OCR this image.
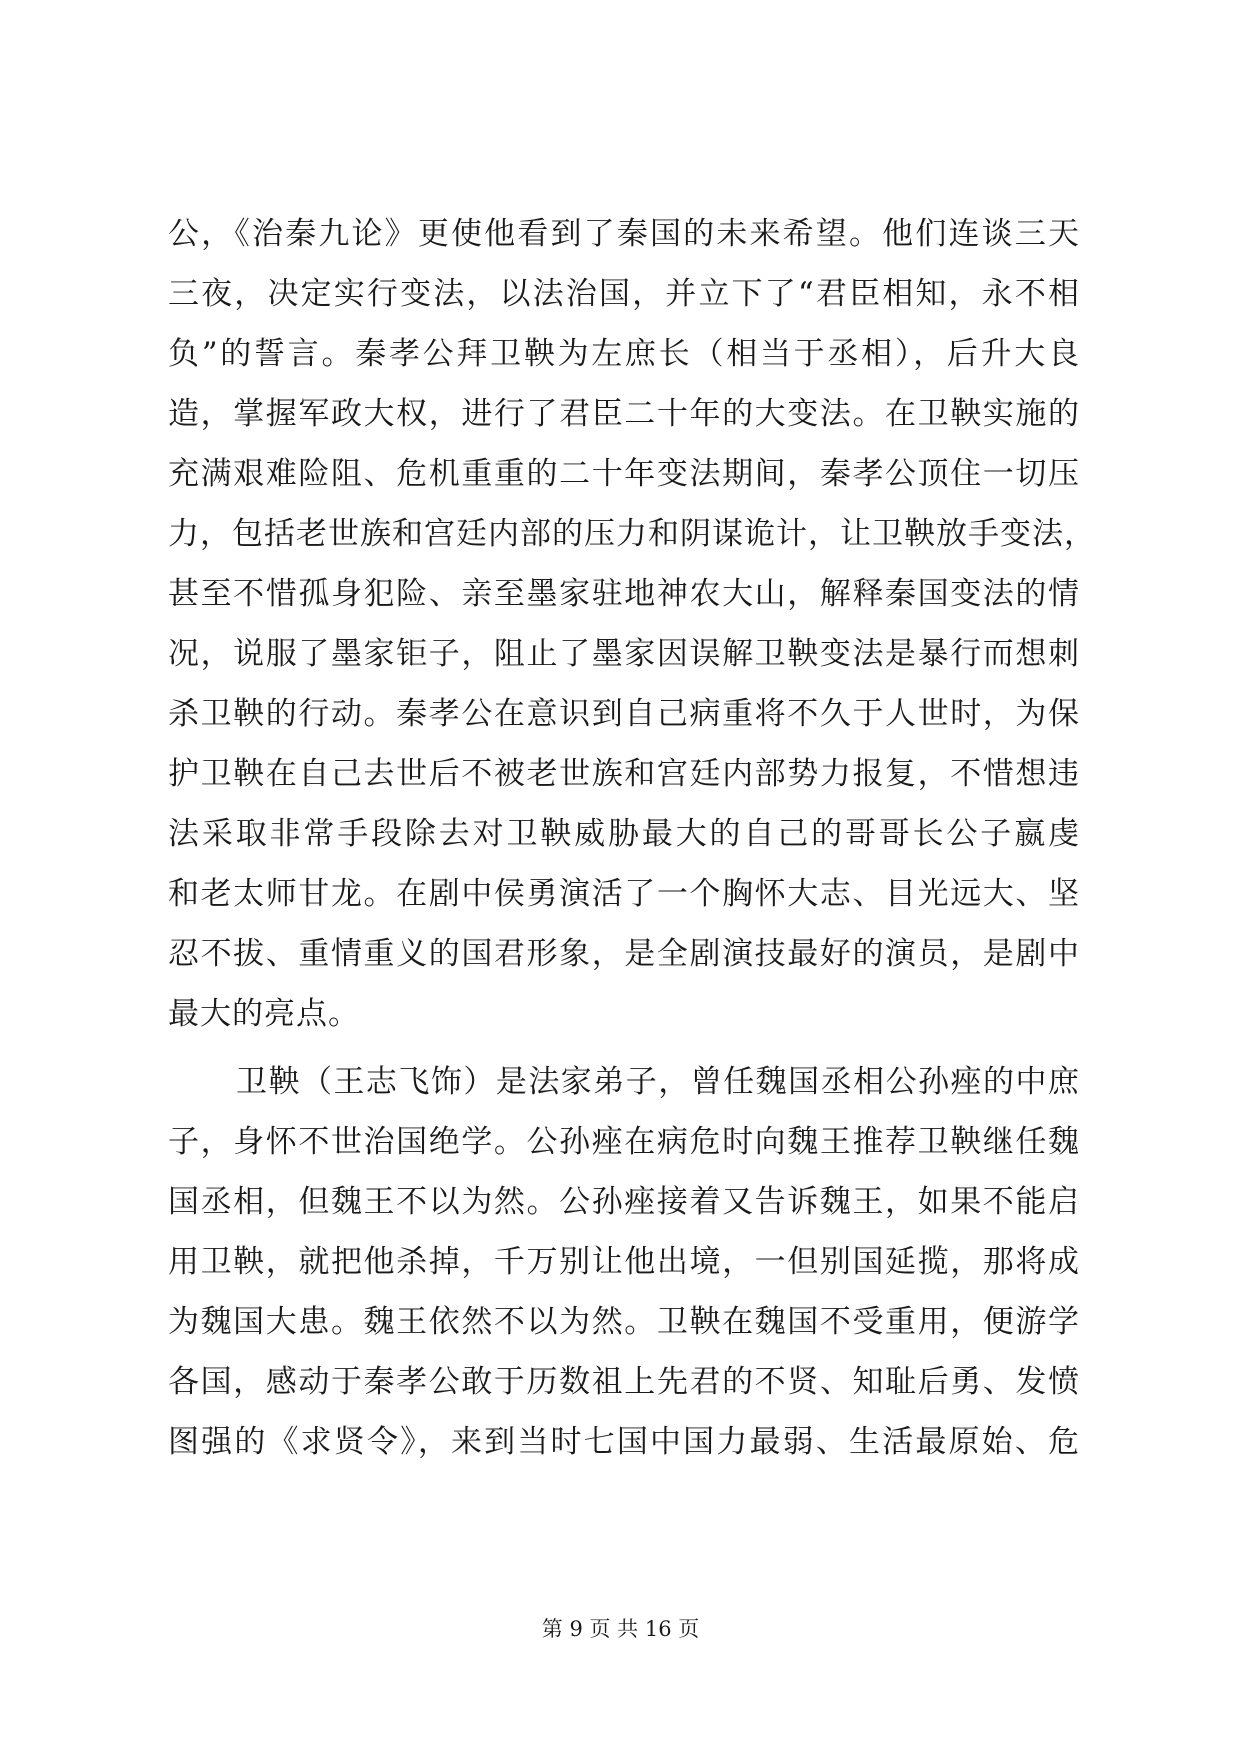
公，《治秦九论》更使他看到了秦国的未来希望。他们连谈三天
三夜，决定实行变法，以法治国，并立下了“君臣相知，永不相
负”的誓言。秦孝公拜卫鞅为左庶长（相当于丞相），后升大良
造，掌握军政大权，进行了君臣二十年的大变法。在卫鞅实施的
充满艰难险阻、危机重重的二十年变法期间，秦孝公顶住一切压
力，包括老世族和宫廷内部的压力和阴谋诡计，让卫鞅放手变法，
甚至不惜孤身犯险、亲至墨家驻地神农大山，解释秦国变法的情
况，说服了墨家钜子，阻止了墨家因误解卫鞅变法是暴行而想刺
杀卫鞅的行动。秦孝公在意识到自己病重将不久于人世时，为保
护卫鞅在自己去世后不被老世族和宫廷内部势力报复，不惜想违
法采取非常手段除去对卫鞅威胁最大的自己的哥哥长公子嬴虔
和老太师甘龙。在剧中侯勇演活了一个胸怀大志、目光远大、坚
忍不拔、重情重义的国君形象，是全剧演技最好的演员，是剧中
最大的亮点。
卫鞅（王志飞饰）是法家弟子，曾任魏国丞相公孙痤的中庶
子，身怀不世治国绝学。公孙痤在病危时向魏王推荐卫鞅继任魏
国丞相，但魏王不以为然。公孙痤接着又告诉魏王，如果不能启
用卫鞅，就把他杀掉，千万别让他出境，一但别国延揽，那将成
为魏国大患。魏王依然不以为然。卫鞅在魏国不受重用，便游学
各国，感动于秦孝公敢于历数祖上先君的不贤、知耻后勇、发愤
图强的《求贤令》，来到当时七国中国力最弱、生活最原始、危
第 9 页 共 16 页
